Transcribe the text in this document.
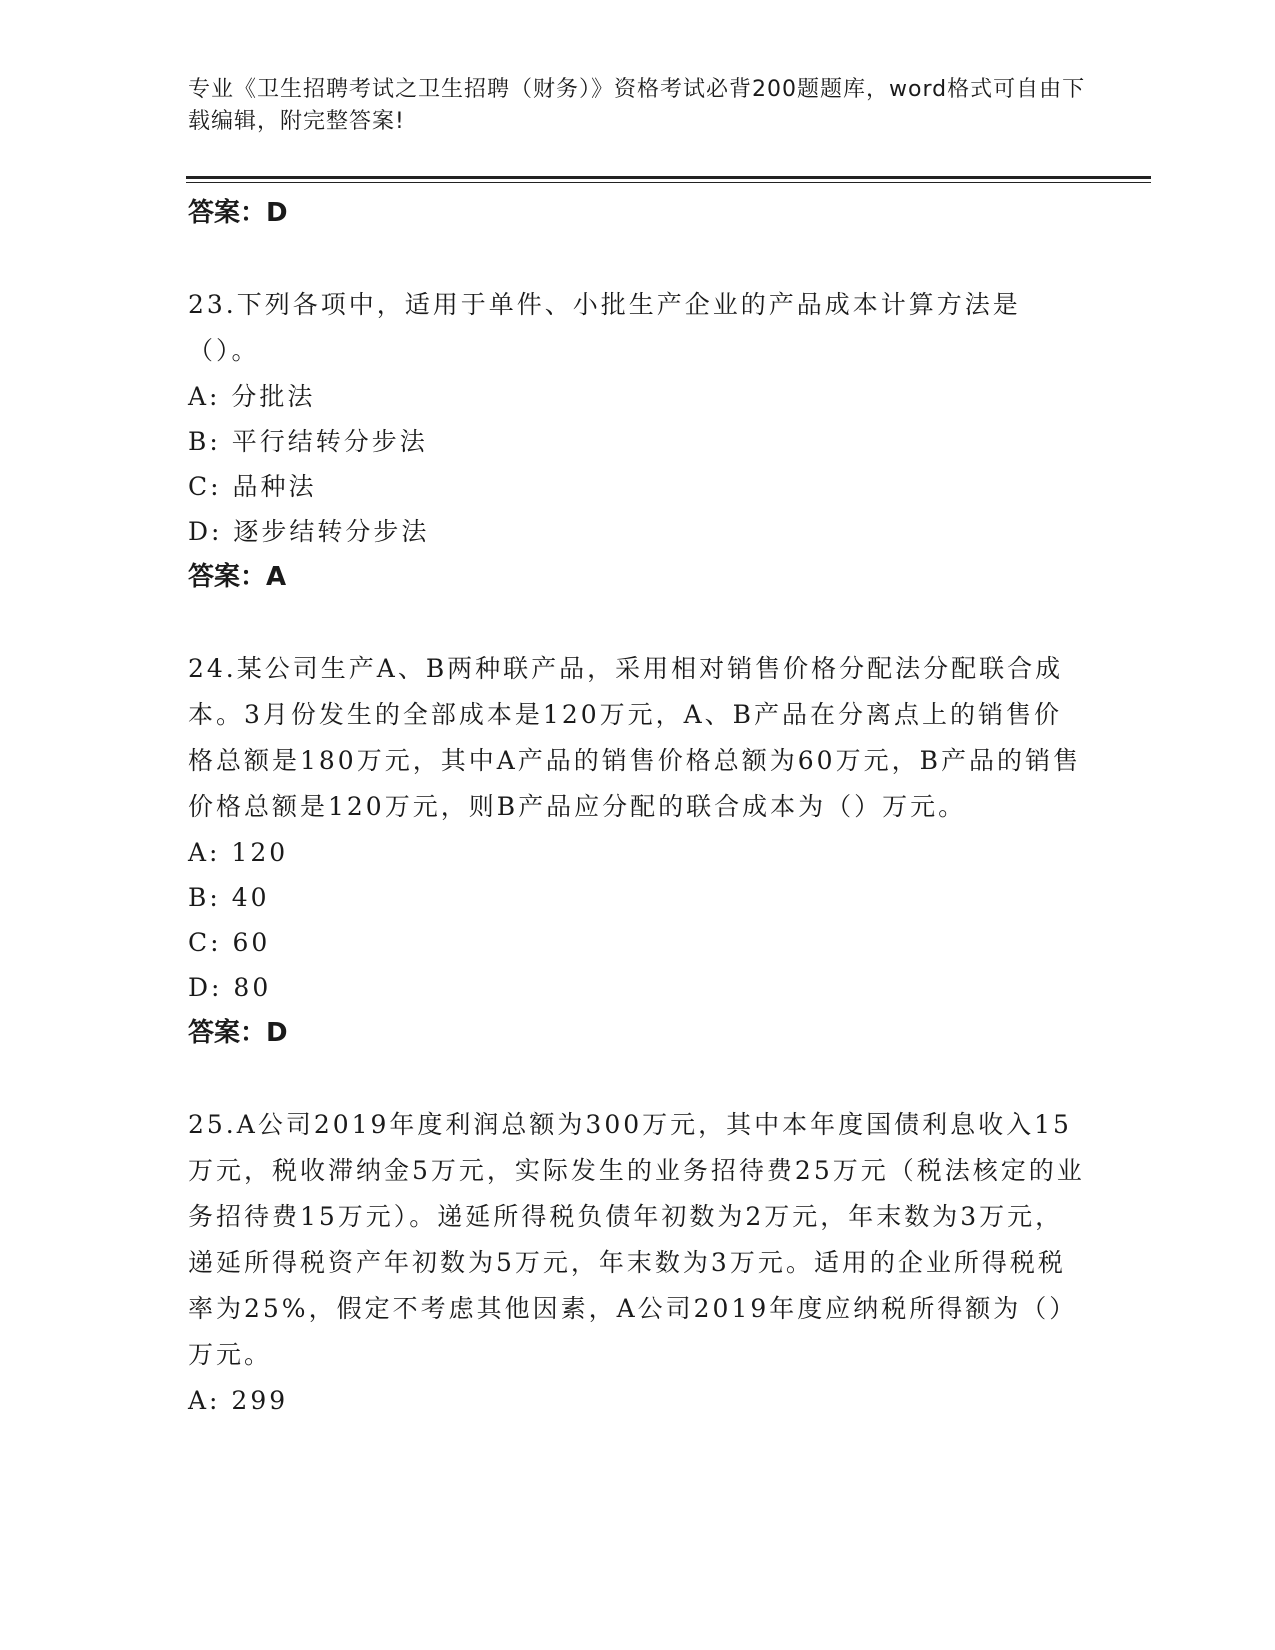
专业《卫生招聘考试之卫生招聘（财务）》资格考试必背200题题库，word格式可自由下载编辑，附完整答案!
答案：D
23.下列各项中，适用于单件、小批生产企业的产品成本计算方法是（）。
A: 分批法
B: 平行结转分步法
C: 品种法
D: 逐步结转分步法
答案：A
24.某公司生产A、B两种联产品，采用相对销售价格分配法分配联合成本。3月份发生的全部成本是120万元，A、B产品在分离点上的销售价格总额是180万元，其中A产品的销售价格总额为60万元，B产品的销售价格总额是120万元，则B产品应分配的联合成本为（）万元。
A: 120
B: 40
C: 60
D: 80
答案：D
25.A公司2019年度利润总额为300万元，其中本年度国债利息收入15万元，税收滞纳金5万元，实际发生的业务招待费25万元（税法核定的业务招待费15万元）。递延所得税负债年初数为2万元，年末数为3万元，递延所得税资产年初数为5万元，年末数为3万元。适用的企业所得税税率为25%，假定不考虑其他因素，A公司2019年度应纳税所得额为（）万元。
A: 299
